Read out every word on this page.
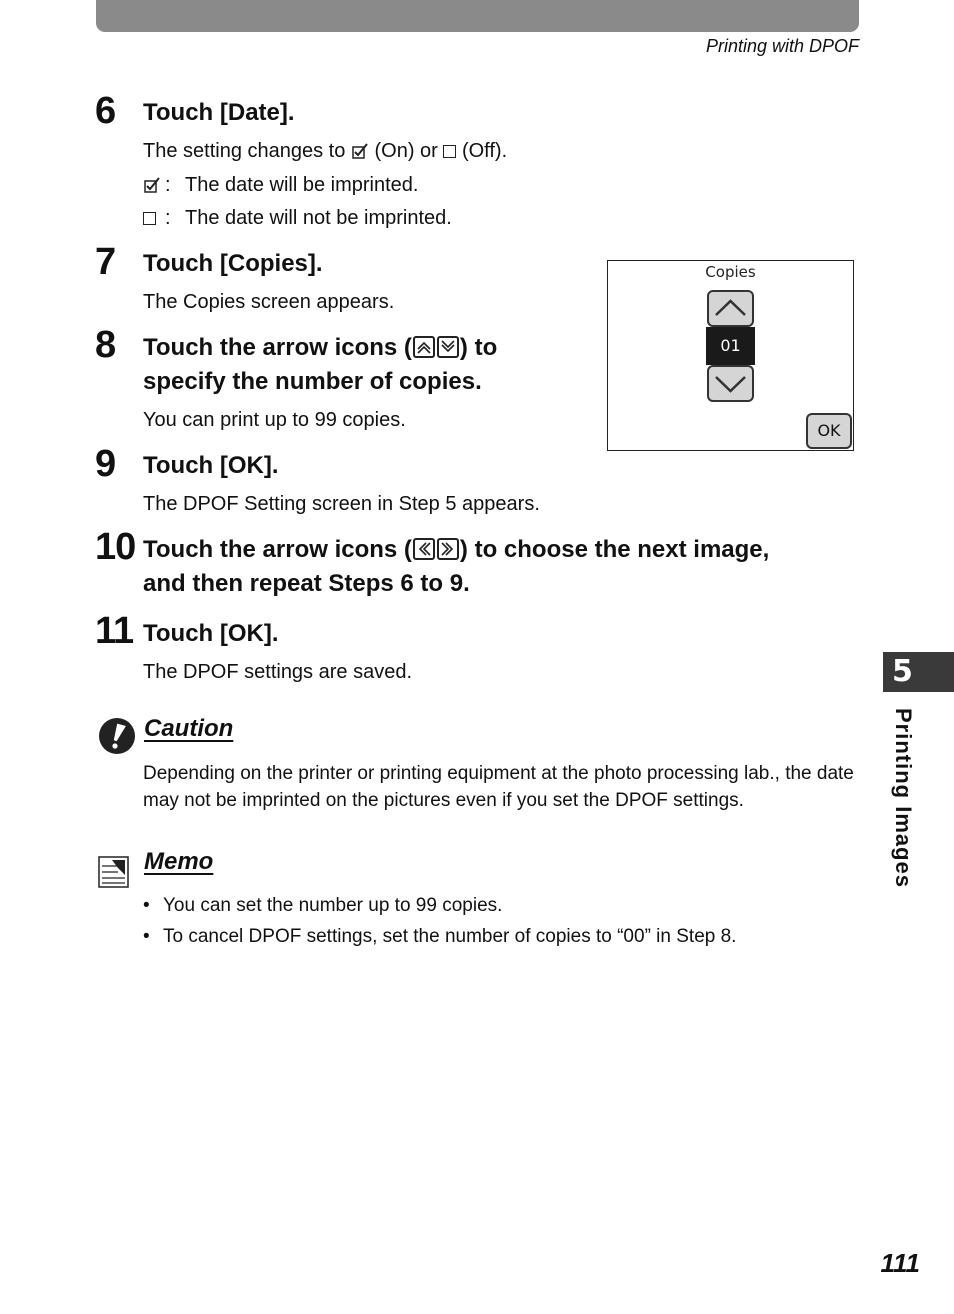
Printing with DPOF
6 Touch [Date].
The setting changes to (On) or (Off).
: The date will be imprinted.
: The date will not be imprinted.
7 Touch [Copies].
The Copies screen appears.
Copies
01
OK
8 Touch the arrow icons ( ) to
specify the number of copies.
You can print up to 99 copies.
9 Touch [OK].
The DPOF Setting screen in Step 5 appears.
10 Touch the arrow icons ( ) to choose the next image,
and then repeat Steps 6 to 9.
11 Touch [OK].
The DPOF settings are saved.
Caution
Depending on the printer or printing equipment at the photo processing lab., the date may not be imprinted on the pictures even if you set the DPOF settings.
Memo
• You can set the number up to 99 copies.
• To cancel DPOF settings, set the number of copies to “00” in Step 8.
5
Printing Images
111
